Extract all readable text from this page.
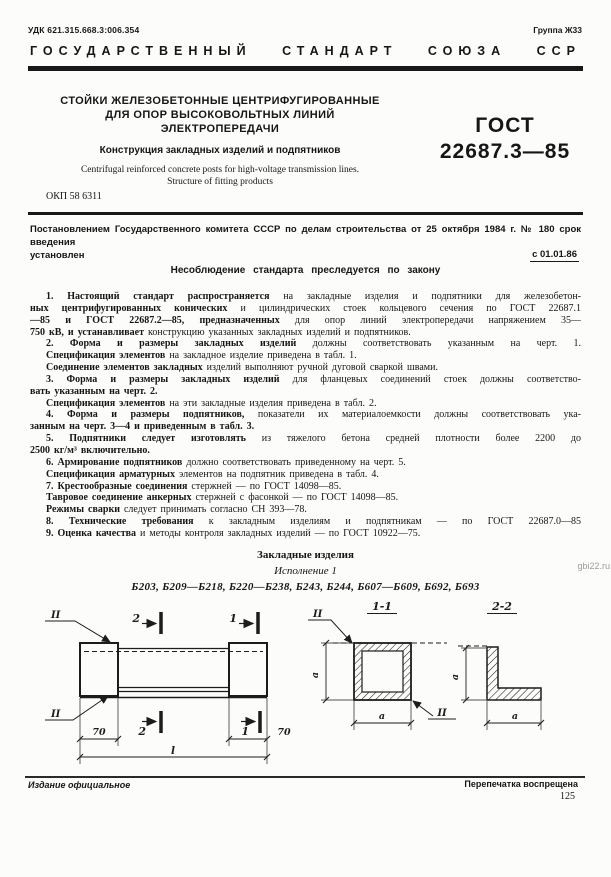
УДК 621.315.668.3:006.354	Группа Ж33
ГОСУДАРСТВЕННЫЙ СТАНДАРТ СОЮЗА ССР
СТОЙКИ ЖЕЛЕЗОБЕТОННЫЕ ЦЕНТРИФУГИРОВАННЫЕ
ДЛЯ ОПОР ВЫСОКОВОЛЬТНЫХ ЛИНИЙ ЭЛЕКТРОПЕРЕДАЧИ
Конструкция закладных изделий и подпятников
Centrifugal reinforced concrete posts for high-voltage transmission lines.
Structure of fitting products
ГОСТ
22687.3—85
ОКП 58 6311
Постановлением Государственного комитета СССР по делам строительства от 25 октября 1984 г. № 180 срок введения
установлен	с 01.01.86
Несоблюдение стандарта преследуется по закону
1. Настоящий стандарт распространяется на закладные изделия и подпятники для железобетон-
ных центрифугированных конических и цилиндрических стоек кольцевого сечения по ГОСТ 22687.1
—85 и ГОСТ 22687.2—85, предназначенных для опор линий электропередачи напряжением 35—
750 кВ, и устанавливает конструкцию указанных закладных изделий и подпятников.
2. Форма и размеры закладных изделий должны соответствовать указанным на черт. 1.
Спецификация элементов на закладное изделие приведена в табл. 1.
Соединение элементов закладных изделий выполняют ручной дуговой сваркой швами.
3. Форма и размеры закладных изделий для фланцевых соединений стоек должны соответство-
вать указанным на черт. 2.
Спецификация элементов на эти закладные изделия приведена в табл. 2.
4. Форма и размеры подпятников, показатели их материалоемкости должны соответствовать ука-
занным на черт. 3—4 и приведенным в табл. 3.
5. Подпятники следует изготовлять из тяжелого бетона средней плотности более 2200 до
2500 кг/м³ включительно.
6. Армирование подпятников должно соответствовать приведенному на черт. 5.
Спецификация арматурных элементов на подпятник приведена в табл. 4.
7. Крестообразные соединения стержней — по ГОСТ 14098—85.
Тавровое соединение анкерных стержней с фасонкой — по ГОСТ 14098—85.
Режимы сварки следует принимать согласно СН 393—78.
8. Технические требования к закладным изделиям и подпятникам — по ГОСТ 22687.0—85
9. Оценка качества и методы контроля закладных изделий — по ГОСТ 10922—75.
Закладные изделия
Исполнение 1
Б203, Б209—Б218, Б220—Б238, Б243, Б244, Б607—Б609, Б692, Б693
gbi22.ru
2	1
2	1
II
II
70	70
l
1-1
II
II
a
a
2-2
a
a
Издание официальное	Перепечатка воспрещена
125
